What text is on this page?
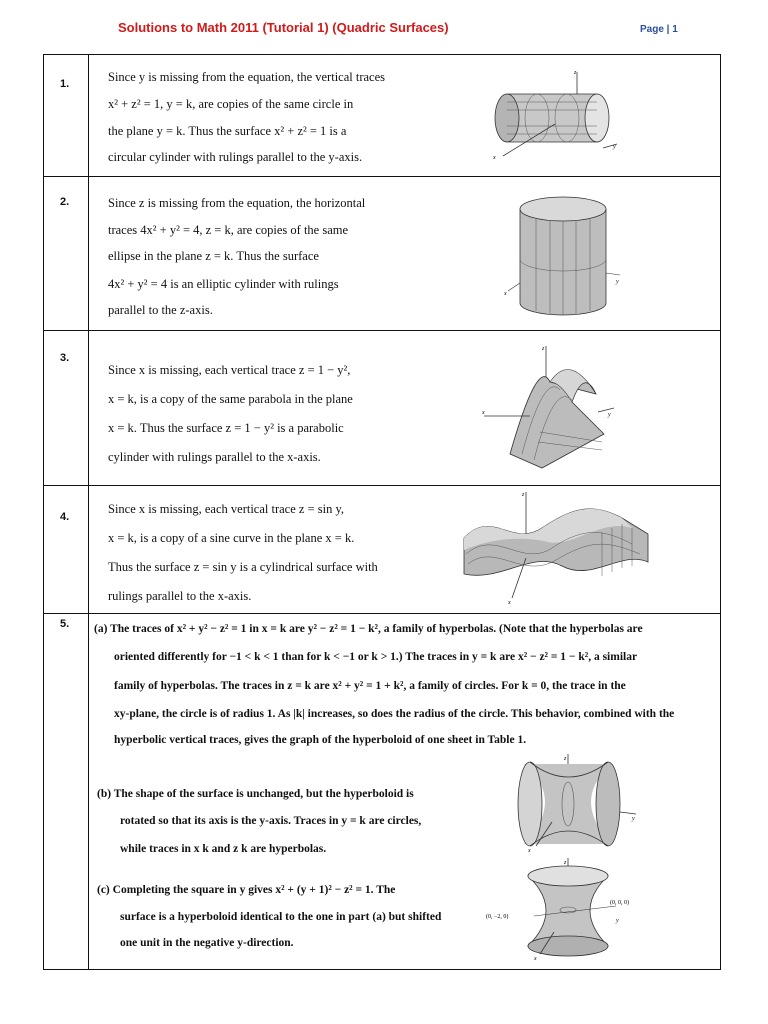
Solutions to Math 2011 (Tutorial 1) (Quadric Surfaces)	Page | 1
1.	Since y is missing from the equation, the vertical traces
x² + z² = 1, y = k, are copies of the same circle in
the plane y = k. Thus the surface x² + z² = 1 is a
circular cylinder with rulings parallel to the y-axis.
z
x
y
2.	Since z is missing from the equation, the horizontal
traces 4x² + y² = 4, z = k, are copies of the same
ellipse in the plane z = k. Thus the surface
4x² + y² = 4 is an elliptic cylinder with rulings
parallel to the z-axis.
x
y
3.
Since x is missing, each vertical trace z = 1 − y²,
x = k, is a copy of the same parabola in the plane
x = k. Thus the surface z = 1 − y² is a parabolic
cylinder with rulings parallel to the x-axis.
z
x	y
4.
Since x is missing, each vertical trace z = sin y,
x = k, is a copy of a sine curve in the plane x = k.
Thus the surface z = sin y is a cylindrical surface with
rulings parallel to the x-axis.
z
x
5. (a) The traces of x² + y² − z² = 1 in x = k are y² − z² = 1 − k², a family of hyperbolas. (Note that the hyperbolas are
oriented differently for −1 < k < 1 than for k < −1 or k > 1.) The traces in y = k are x² − z² = 1 − k², a similar
family of hyperbolas. The traces in z = k are x² + y² = 1 + k², a family of circles. For k = 0, the trace in the
xy-plane, the circle is of radius 1. As |k| increases, so does the radius of the circle. This behavior, combined with the
hyperbolic vertical traces, gives the graph of the hyperboloid of one sheet in Table 1.
(b) The shape of the surface is unchanged, but the hyperboloid is
rotated so that its axis is the y-axis. Traces in y = k are circles,
while traces in x k and z k are hyperbolas.
(c) Completing the square in y gives x² + (y + 1)² − z² = 1. The
surface is a hyperboloid identical to the one in part (a) but shifted
one unit in the negative y-direction.
z
x
y
z
(0, −2, 0)
(0, 0, 0)
x
y
